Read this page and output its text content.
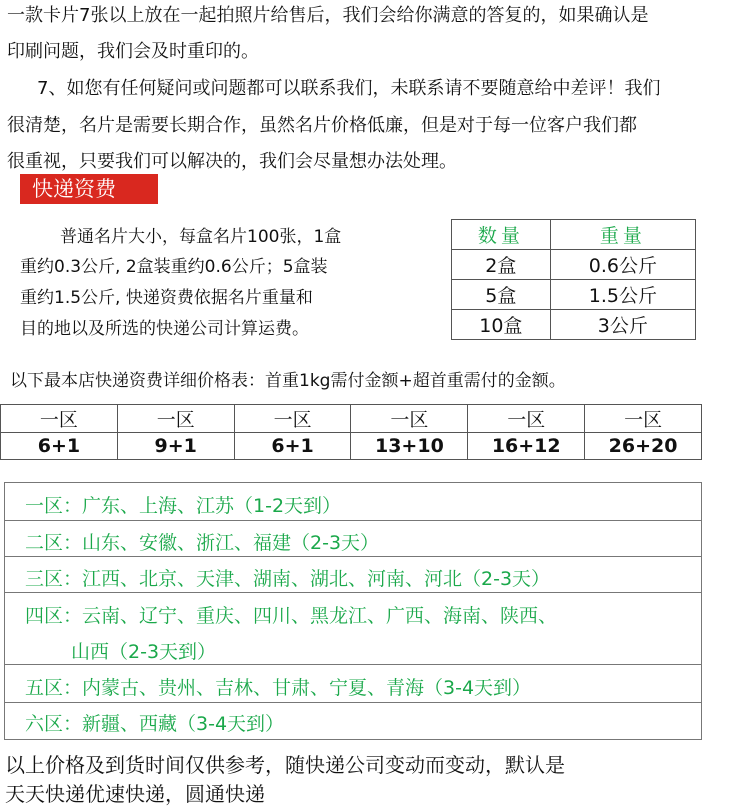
一款卡片7张以上放在一起拍照片给售后，我们会给你满意的答复的，如果确认是
印刷问题，我们会及时重印的。
7、如您有任何疑问或问题都可以联系我们，未联系请不要随意给中差评！我们
很清楚，名片是需要长期合作，虽然名片价格低廉，但是对于每一位客户我们都
很重视，只要我们可以解决的，我们会尽量想办法处理。
快递资费
普通名片大小，每盒名片100张，1盒
重约0.3公斤, 2盒装重约0.6公斤；5盒装
重约1.5公斤, 快递资费依据名片重量和
目的地以及所选的快递公司计算运费。
数量	重量
2盒	0.6公斤
5盒	1.5公斤
10盒	3公斤
以下最本店快递资费详细价格表：首重1kg需付金额+超首重需付的金额。
一区	一区	一区	一区	一区	一区
6+1	9+1	6+1	13+10	16+12	26+20
一区：广东、上海、江苏（1-2天到）
二区：山东、安徽、浙江、福建（2-3天）
三区：江西、北京、天津、湖南、湖北、河南、河北（2-3天）
四区：云南、辽宁、重庆、四川、黑龙江、广西、海南、陕西、
山西（2-3天到）
五区：内蒙古、贵州、吉林、甘肃、宁夏、青海（3-4天到）
六区：新疆、西藏（3-4天到）
以上价格及到货时间仅供参考，随快递公司变动而变动，默认是
天天快递优速快递，圆通快递
